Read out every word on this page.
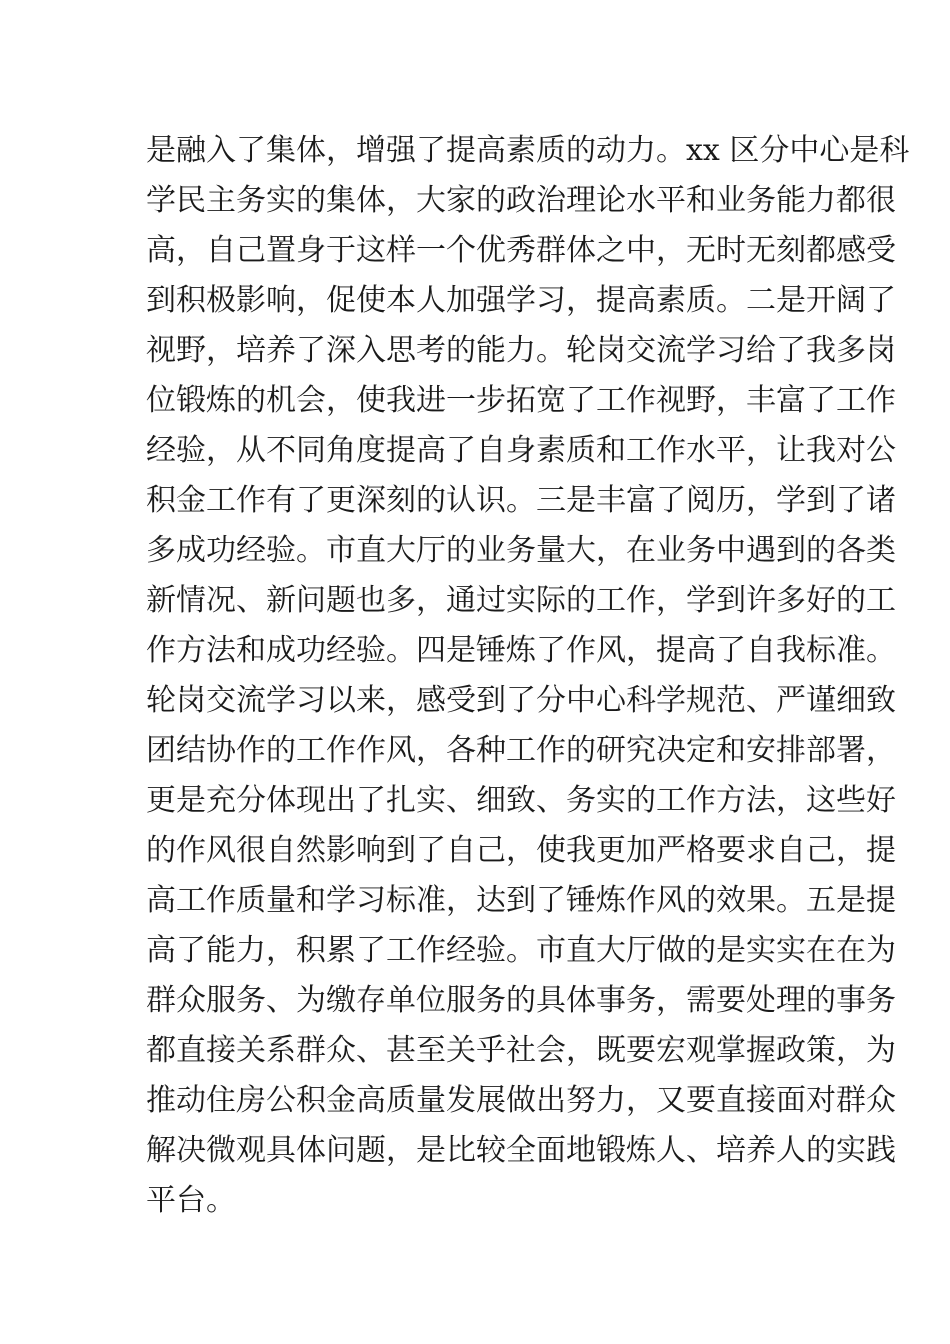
是融入了集体，增强了提高素质的动力。xx 区分中心是科

学民主务实的集体，大家的政治理论水平和业务能力都很

高，自己置身于这样一个优秀群体之中，无时无刻都感受

到积极影响，促使本人加强学习，提高素质。二是开阔了

视野，培养了深入思考的能力。轮岗交流学习给了我多岗

位锻炼的机会，使我进一步拓宽了工作视野，丰富了工作

经验，从不同角度提高了自身素质和工作水平，让我对公

积金工作有了更深刻的认识。三是丰富了阅历，学到了诸

多成功经验。市直大厅的业务量大，在业务中遇到的各类

新情况、新问题也多，通过实际的工作，学到许多好的工

作方法和成功经验。四是锤炼了作风，提高了自我标准。

轮岗交流学习以来，感受到了分中心科学规范、严谨细致

团结协作的工作作风，各种工作的研究决定和安排部署，

更是充分体现出了扎实、细致、务实的工作方法，这些好

的作风很自然影响到了自己，使我更加严格要求自己，提

高工作质量和学习标准，达到了锤炼作风的效果。五是提

高了能力，积累了工作经验。市直大厅做的是实实在在为

群众服务、为缴存单位服务的具体事务，需要处理的事务

都直接关系群众、甚至关乎社会，既要宏观掌握政策，为

推动住房公积金高质量发展做出努力，又要直接面对群众

解决微观具体问题，是比较全面地锻炼人、培养人的实践

平台。
